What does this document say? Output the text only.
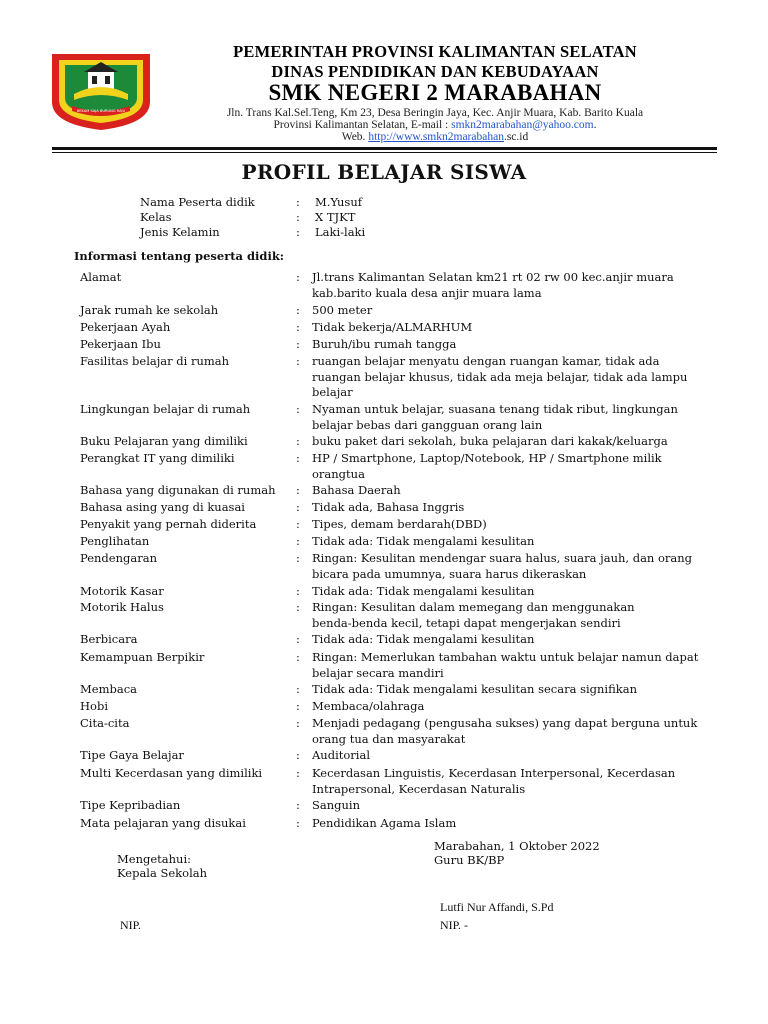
BEKAM SAJA BURUNG RAJU
PEMERINTAH PROVINSI KALIMANTAN SELATAN
DINAS PENDIDIKAN DAN KEBUDAYAAN
SMK NEGERI 2 MARABAHAN
Jln. Trans Kal.Sel.Teng, Km 23, Desa Beringin Jaya, Kec. Anjir Muara, Kab. Barito Kuala
Provinsi Kalimantan Selatan, E-mail : smkn2marabahan@yahoo.com.
Web. http://www.smkn2marabahan.sc.id
PROFIL BELAJAR SISWA
Nama Peserta didik	: M.Yusuf
Kelas	: X TJKT
Jenis Kelamin	: Laki-laki
Informasi tentang peserta didik:
Alamat	: Jl.trans Kalimantan Selatan km21 rt 02 rw 00 kec.anjir muara
kab.barito kuala desa anjir muara lama
Jarak rumah ke sekolah	: 500 meter
Pekerjaan Ayah	: Tidak bekerja/ALMARHUM
Pekerjaan Ibu	: Buruh/ibu rumah tangga
Fasilitas belajar di rumah	: ruangan belajar menyatu dengan ruangan kamar, tidak ada
ruangan belajar khusus, tidak ada meja belajar, tidak ada lampu
belajar
Lingkungan belajar di rumah	: Nyaman untuk belajar, suasana tenang tidak ribut, lingkungan
belajar bebas dari gangguan orang lain
Buku Pelajaran yang dimiliki	: buku paket dari sekolah, buka pelajaran dari kakak/keluarga
Perangkat IT yang dimiliki	: HP / Smartphone, Laptop/Notebook, HP / Smartphone milik
orangtua
Bahasa yang digunakan di rumah : Bahasa Daerah
Bahasa asing yang di kuasai	: Tidak ada, Bahasa Inggris
Penyakit yang pernah diderita	: Tipes, demam berdarah(DBD)
Penglihatan	: Tidak ada: Tidak mengalami kesulitan
Pendengaran	: Ringan: Kesulitan mendengar suara halus, suara jauh, dan orang
bicara pada umumnya, suara harus dikeraskan
Motorik Kasar	: Tidak ada: Tidak mengalami kesulitan
Motorik Halus	: Ringan: Kesulitan dalam memegang dan menggunakan
benda-benda kecil, tetapi dapat mengerjakan sendiri
Berbicara	: Tidak ada: Tidak mengalami kesulitan
Kemampuan Berpikir	: Ringan: Memerlukan tambahan waktu untuk belajar namun dapat
belajar secara mandiri
Membaca	: Tidak ada: Tidak mengalami kesulitan secara signifikan
Hobi	: Membaca/olahraga
Cita-cita	: Menjadi pedagang (pengusaha sukses) yang dapat berguna untuk
orang tua dan masyarakat
Tipe Gaya Belajar	: Auditorial
Multi Kecerdasan yang dimiliki	: Kecerdasan Linguistis, Kecerdasan Interpersonal, Kecerdasan
Intrapersonal, Kecerdasan Naturalis
Tipe Kepribadian	: Sanguin
Mata pelajaran yang disukai	: Pendidikan Agama Islam
Marabahan, 1 Oktober 2022
Guru BK/BP
Mengetahui:
Kepala Sekolah
Lutfi Nur Affandi, S.Pd
NIP.	NIP. -
